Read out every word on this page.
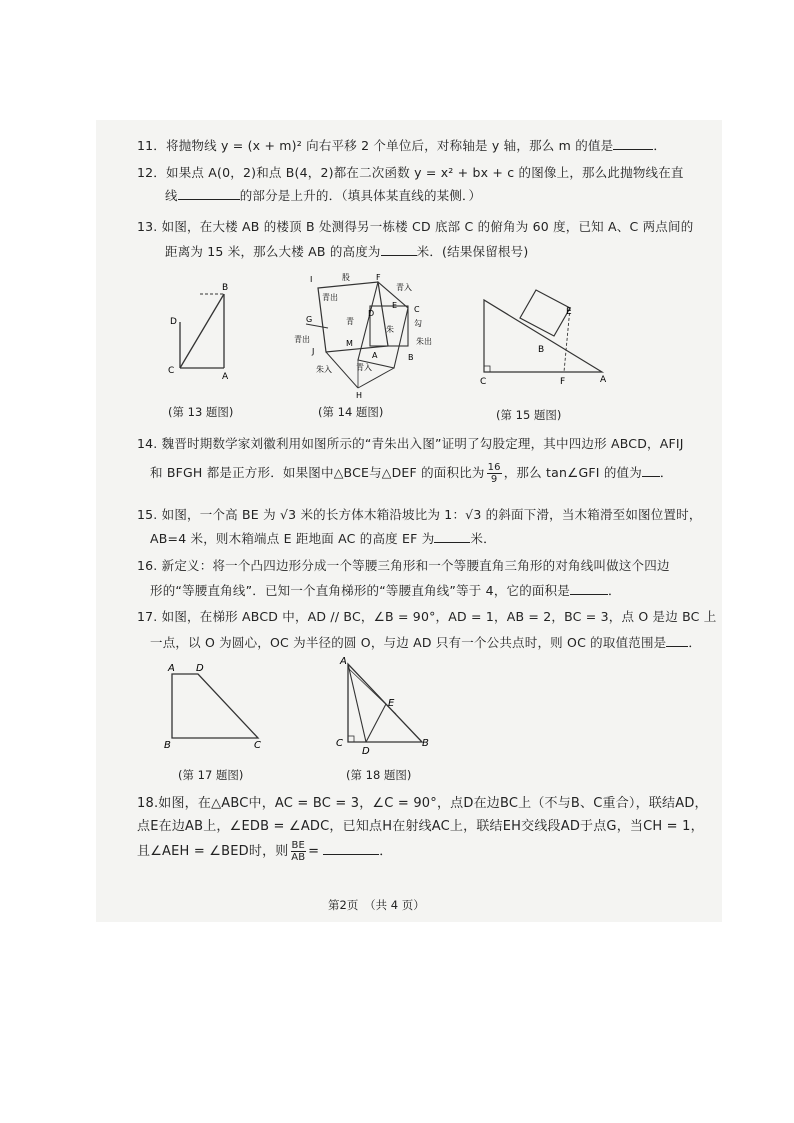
11．将抛物线 y = (x + m)² 向右平移 2 个单位后，对称轴是 y 轴，那么 m 的值是	．
12．如果点 A(0，2)和点 B(4，2)都在二次函数 y = x² + bx + c 的图像上，那么此抛物线在直
线	的部分是上升的．（填具体某直线的某侧．）
13. 如图，在大楼 AB 的楼顶 B 处测得另一栋楼 CD 底部 C 的俯角为 60 度，已知 A、C 两点间的
距离为 15 米，那么大楼 AB 的高度为	米．(结果保留根号)
B
D
C
A
(第 13 题图)
I	股	F
青入
青出
E C
勾
G	青
D
朱
青出
J
M
A
朱出
B
朱入	青入
H
(第 14 题图)
E
B
C	F	A
(第 15 题图)
14. 魏晋时期数学家刘徽利用如图所示的“青朱出入图”证明了勾股定理，其中四边形 ABCD，AFIJ
和 BFGH 都是正方形．如果图中△BCE与△DEF 的面积比为 $\frac{16}{9}$ ，那么 tan∠GFI 的值为 ．
15. 如图，一个高 BE 为 √3 米的长方体木箱沿坡比为 1：√3 的斜面下滑，当木箱滑至如图位置时，
AB=4 米，则木箱端点 E 距地面 AC 的高度 EF 为	米．
16. 新定义：将一个凸四边形分成一个等腰三角形和一个等腰直角三角形的对角线叫做这个四边
形的“等腰直角线”．已知一个直角梯形的“等腰直角线”等于 4，它的面积是	．
17. 如图，在梯形 ABCD 中，AD // BC，∠B = 90°，AD = 1，AB = 2，BC = 3，点 O 是边 BC 上
一点，以 O 为圆心，OC 为半径的圆 O，与边 AD 只有一个公共点时，则 OC 的取值范围是 ．
A D
B	C
(第 17 题图)
A
E
C
D
B
(第 18 题图)
18.如图，在△ABC中，AC = BC = 3，∠C = 90°，点D在边BC上（不与B、C重合），联结AD，
点E在边AB上，∠EDB = ∠ADC，已知点H在射线AC上，联结EH交线段AD于点G，当CH = 1，
且∠AEH = ∠BED时，则 $\frac{BE}{AB}$ =	．
第2页　（共 4 页）
